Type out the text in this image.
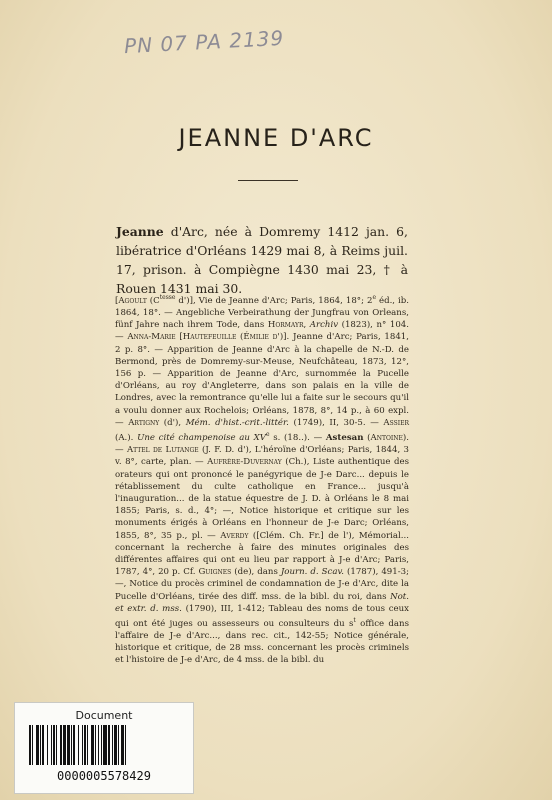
PN 07 PA 2139
JEANNE D'ARC
Jeanne d'Arc, née à Domremy 1412 jan. 6, libératrice d'Orléans 1429 mai 8, à Reims juil. 17, prison. à Compiègne 1430 mai 23, † à Rouen 1431 mai 30.
[Agoult ($C^{tesse}$ d')], Vie de Jeanne d'Arc; Paris, 1864, 18°; 2e éd., ib. 1864, 18°. — Angebliche Verbeirathung der Jungfrau von Orleans, fünf Jahre nach ihrem Tode, dans Hormayr, Archiv (1823), n° 104. — Anna-Marie [Hautefeuille (Émilie d')]. Jeanne d'Arc; Paris, 1841, 2 p. 8°. — Apparition de Jeanne d'Arc à la chapelle de N.-D. de Bermond, près de Domremy-sur-Meuse, Neufchâteau, 1873, 12°, 156 p. — Apparition de Jeanne d'Arc, surnommée la Pucelle d'Orléans, au roy d'Angleterre, dans son palais en la ville de Londres, avec la remontrance qu'elle lui a faite sur le secours qu'il a voulu donner aux Rochelois; Orléans, 1878, 8°, 14 p., à 60 expl. — Artigny (d'), Mém. d'hist.-crit.-littér. (1749), II, 30-5. — Assier (A.). Une cité champenoise au XVe s. (18..). — Astesan (Antoine). — Attel de Lutange (J. F. D. d'), L'héroïne d'Orléans; Paris, 1844, 3 v. 8°, carte, plan. — Aufrère-Duvernay (Ch.), Liste authentique des orateurs qui ont prononcé le panégyrique de J-e Darc... depuis le rétablissement du culte catholique en France... jusqu'à l'inauguration... de la statue équestre de J. D. à Orléans le 8 mai 1855; Paris, s. d., 4°; —, Notice historique et critique sur les monuments érigés à Orléans en l'honneur de J-e Darc; Orléans, 1855, 8°, 35 p., pl. — Averdy ([Clém. Ch. Fr.] de l'), Mémorial... concernant la recherche à faire des minutes originales des différentes affaires qui ont eu lieu par rapport à J-e d'Arc; Paris, 1787, 4°, 20 p. Cf. Guignes (de), dans Journ. d. Scav. (1787), 491-3; —, Notice du procès criminel de condamnation de J-e d'Arc, dite la Pucelle d'Orléans, tirée des diff. mss. de la bibl. du roi, dans Not. et extr. d. mss. (1790), III, 1-412; Tableau des noms de tous ceux qui ont été juges ou assesseurs ou consulteurs du $s^t$ office dans l'affaire de J-e d'Arc..., dans rec. cit., 142-55; Notice générale, historique et critique, de 28 mss. concernant les procès criminels et l'histoire de J-e d'Arc, de 4 mss. de la bibl. du
Document
0000005578429
